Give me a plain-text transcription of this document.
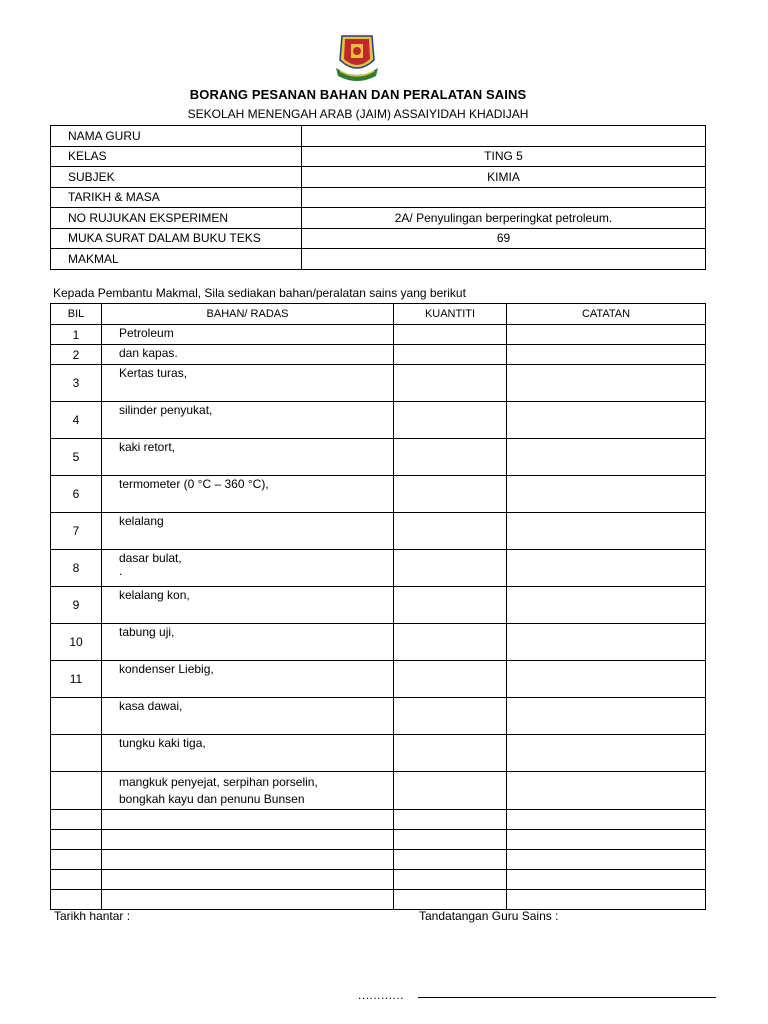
BORANG PESANAN BAHAN DAN PERALATAN SAINS
SEKOLAH MENENGAH ARAB (JAIM) ASSAIYIDAH KHADIJAH
NAMA GURU	
KELAS	TING 5
SUBJEK	KIMIA
TARIKH & MASA	
NO RUJUKAN EKSPERIMEN	2A/ Penyulingan berperingkat petroleum.
MUKA SURAT DALAM BUKU TEKS	69
MAKMAL	
Kepada Pembantu Makmal, Sila sediakan bahan/peralatan sains yang berikut
BIL	BAHAN/ RADAS	KUANTITI	CATATAN
1	Petroleum		

2	dan kapas.		

3	Kertas turas,		

4	silinder penyukat,		

5	kaki retort,		

6	termometer (0 °C – 360 °C),		

7	kelalang		

8	dasar bulat,
.		

9	kelalang kon,		

10	tabung uji,		

11	kondenser Liebig,		

	kasa dawai,		

	tungku kaki tiga,		

	mangkuk penyejat, serpihan porselin,
bongkah kayu dan penunu Bunsen		

Tarikh hantar :	Tandatangan Guru Sains :
............
